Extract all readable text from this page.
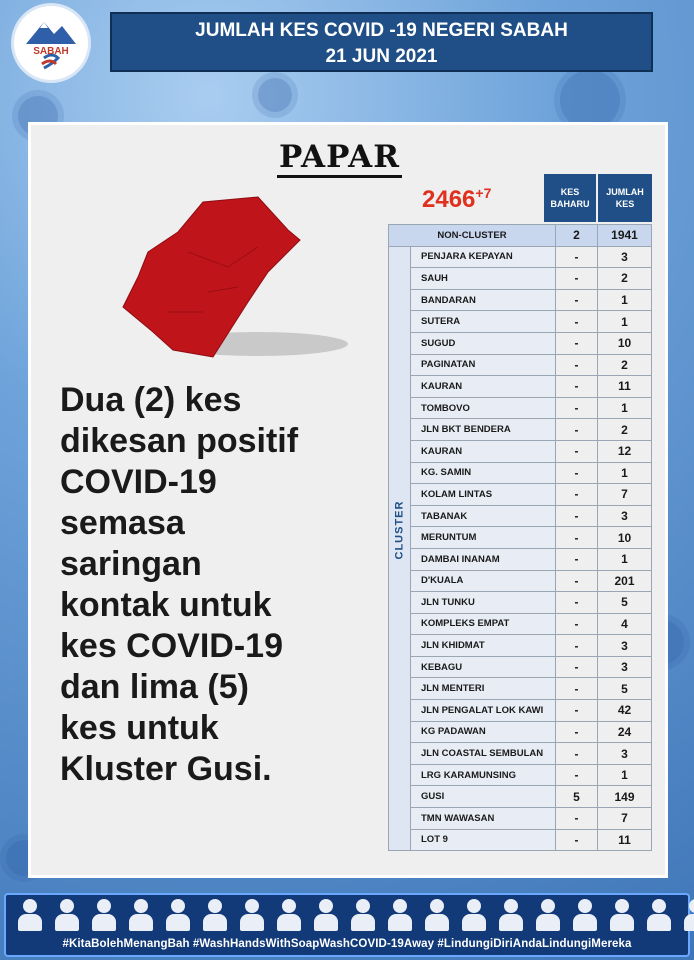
SABAH
JUMLAH KES COVID -19 NEGERI SABAH
21 JUN 2021
PAPAR
$2466^{+7}$
Dua (2) kes
dikesan positif
COVID-19
semasa
saringan
kontak untuk
kes COVID-19
dan lima (5)
kes untuk
Kluster Gusi.
KES
BAHARU
JUMLAH
KES
NON-CLUSTER		2	1941
	PENJARA KEPAYAN	-	3
	SAUH	-	2
	BANDARAN	-	1
	SUTERA	-	1
	SUGUD	-	10
	PAGINATAN	-	2
	KAURAN	-	11
	TOMBOVO	-	1
	JLN BKT BENDERA	-	2
	KAURAN	-	12
	KG. SAMIN	-	1
	KOLAM LINTAS	-	7
	TABANAK	-	3
	MERUNTUM	-	10
	DAMBAI INANAM	-	1
	D'KUALA	-	201
	JLN TUNKU	-	5
	KOMPLEKS EMPAT	-	4
	JLN KHIDMAT	-	3
	KEBAGU	-	3
	JLN MENTERI	-	5
	JLN PENGALAT LOK KAWI	-	42
	KG PADAWAN	-	24
	JLN COASTAL SEMBULAN	-	3
	LRG KARAMUNSING	-	1
	GUSI	5	149
	TMN WAWASAN	-	7
	LOT 9	-	11
CLUSTER
#KitaBolehMenangBah #WashHandsWithSoapWashCOVID-19Away #LindungiDiriAndaLindungiMereka
